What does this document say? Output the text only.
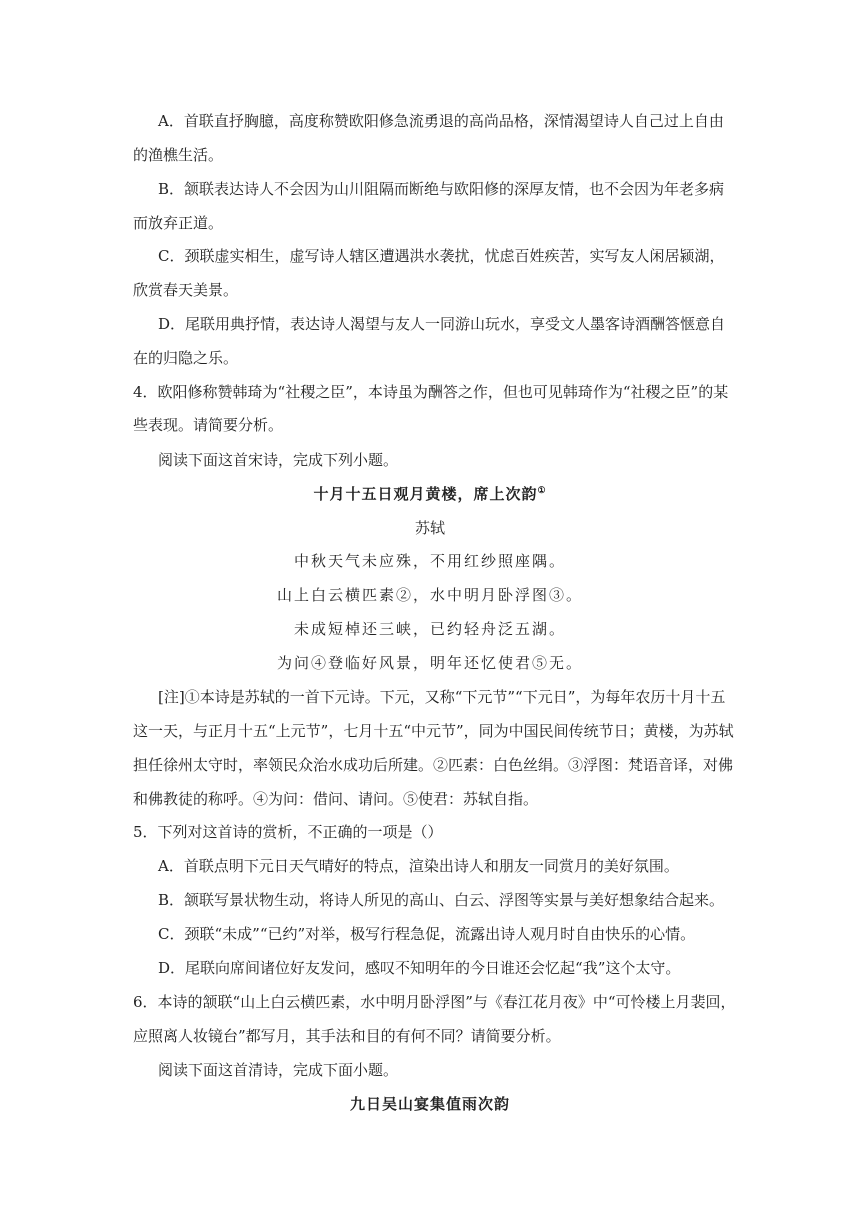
A．首联直抒胸臆，高度称赞欧阳修急流勇退的高尚品格，深情渴望诗人自己过上自由
的渔樵生活。
B．颔联表达诗人不会因为山川阻隔而断绝与欧阳修的深厚友情，也不会因为年老多病
而放弃正道。
C．颈联虚实相生，虚写诗人辖区遭遇洪水袭扰，忧虑百姓疾苦，实写友人闲居颍湖，
欣赏春天美景。
D．尾联用典抒情，表达诗人渴望与友人一同游山玩水，享受文人墨客诗酒酬答惬意自
在的归隐之乐。
4．欧阳修称赞韩琦为“社稷之臣”，本诗虽为酬答之作，但也可见韩琦作为“社稷之臣”的某
些表现。请简要分析。
阅读下面这首宋诗，完成下列小题。
十月十五日观月黄楼，席上次韵①
苏轼
中秋天气未应殊，不用红纱照座隅。
山上白云横匹素②，水中明月卧浮图③。
未成短棹还三峡，已约轻舟泛五湖。
为问④登临好风景，明年还忆使君⑤无。
[注]①本诗是苏轼的一首下元诗。下元，又称“下元节”“下元日”，为每年农历十月十五
这一天，与正月十五“上元节”，七月十五“中元节”，同为中国民间传统节日；黄楼，为苏轼
担任徐州太守时，率领民众治水成功后所建。②匹素：白色丝绢。③浮图：梵语音译，对佛
和佛教徒的称呼。④为问：借问、请问。⑤使君：苏轼自指。
5．下列对这首诗的赏析，不正确的一项是（）
A．首联点明下元日天气晴好的特点，渲染出诗人和朋友一同赏月的美好氛围。
B．颔联写景状物生动，将诗人所见的高山、白云、浮图等实景与美好想象结合起来。
C．颈联“未成”“已约”对举，极写行程急促，流露出诗人观月时自由快乐的心情。
D．尾联向席间诸位好友发问，感叹不知明年的今日谁还会忆起“我”这个太守。
6．本诗的颔联“山上白云横匹素，水中明月卧浮图”与《春江花月夜》中“可怜楼上月裴回，
应照离人妆镜台”都写月，其手法和目的有何不同？请简要分析。
阅读下面这首清诗，完成下面小题。
九日吴山宴集值雨次韵
